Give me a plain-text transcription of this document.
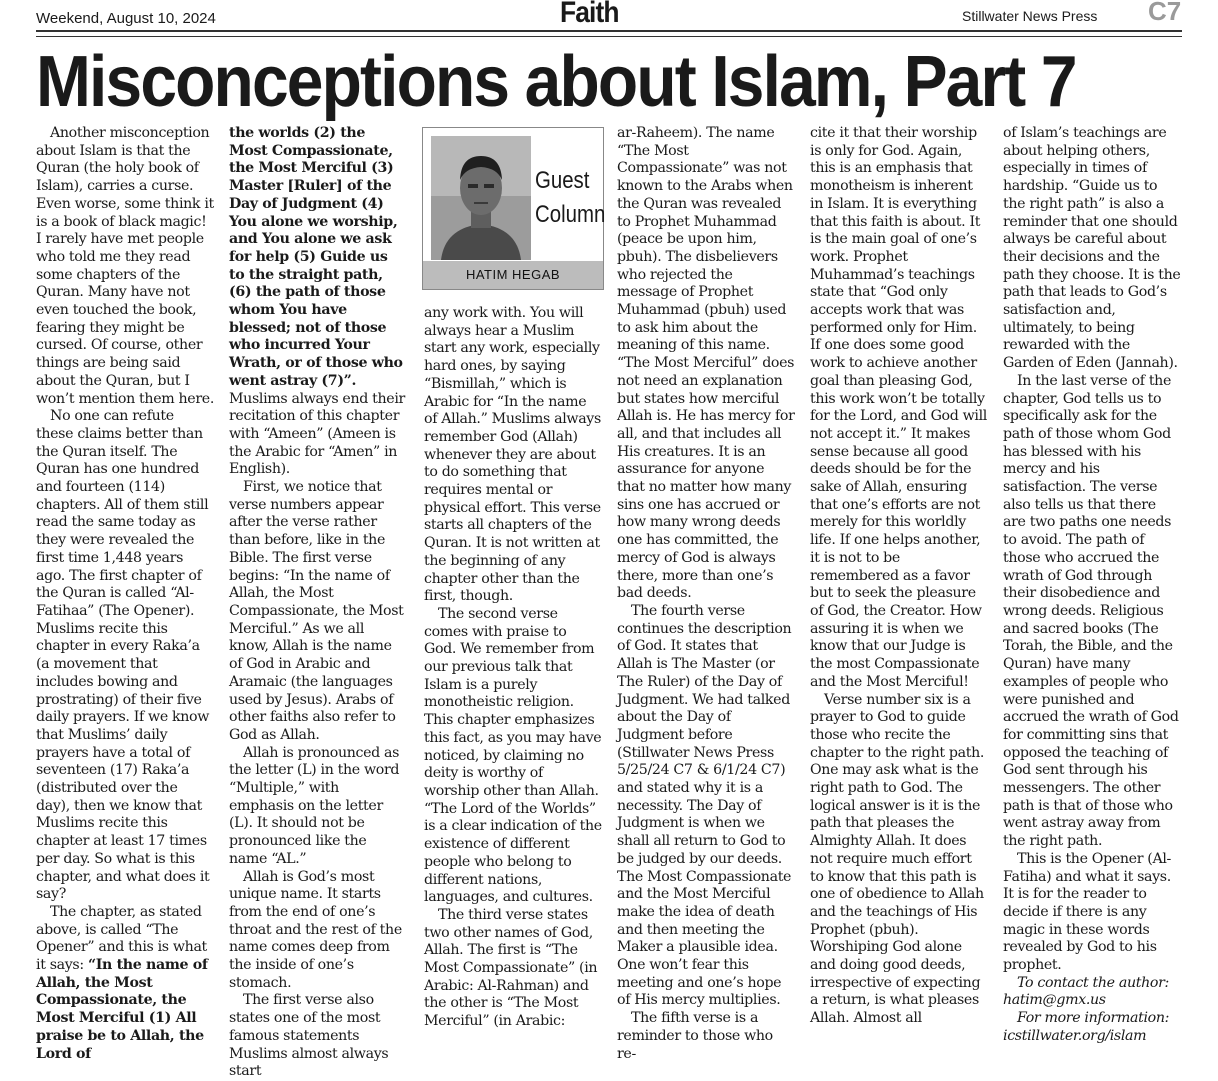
Weekend, August 10, 2024	Faith	Stillwater News Press C7
Misconceptions about Islam, Part 7

Another misconception about Islam is that the Quran (the holy book of Islam), carries a curse. Even worse, some think it is a book of black magic! I rarely have met people who told me they read some chapters of the Quran. Many have not even touched the book, fearing they might be cursed. Of course, other things are being said about the Quran, but I won’t mention them here.

No one can refute these claims better than the Quran itself. The Quran has one hundred and fourteen (114) chapters. All of them still read the same today as they were revealed the first time 1,448 years ago. The first chapter of the Quran is called “Al-Fatihaa” (The Opener). Muslims recite this chapter in every Raka’a (a movement that includes bowing and prostrating) of their five daily prayers. If we know that Muslims’ daily prayers have a total of seventeen (17) Raka’a (distributed over the day), then we know that Muslims recite this chapter at least 17 times per day. So what is this chapter, and what does it say?

The chapter, as stated above, is called “The Opener” and this is what it says: “In the name of Allah, the Most Compassionate, the Most Merciful (1) All praise be to Allah, the Lord of

the worlds (2) the Most Compassionate, the Most Merciful (3) Master [Ruler] of the Day of Judgment (4) You alone we worship, and You alone we ask for help (5) Guide us to the straight path, (6) the path of those whom You have blessed; not of those who incurred Your Wrath, or of those who went astray (7)”. Muslims always end their recitation of this chapter with “Ameen” (Ameen is the Arabic for “Amen” in English).

First, we notice that verse numbers appear after the verse rather than before, like in the Bible. The first verse begins: “In the name of Allah, the Most Compassionate, the Most Merciful.” As we all know, Allah is the name of God in Arabic and Aramaic (the languages used by Jesus). Arabs of other faiths also refer to God as Allah.

Allah is pronounced as the letter (L) in the word “Multiple,” with emphasis on the letter (L). It should not be pronounced like the name “AL.”

Allah is God’s most unique name. It starts from the end of one’s throat and the rest of the name comes deep from the inside of one’s stomach.

The first verse also states one of the most famous statements Muslims almost always start

Guest
Column
HATIM HEGAB

any work with. You will always hear a Muslim start any work, especially hard ones, by saying “Bismillah,” which is Arabic for “In the name of Allah.” Muslims always remember God (Allah) whenever they are about to do something that requires mental or physical effort. This verse starts all chapters of the Quran. It is not written at the beginning of any chapter other than the first, though.

The second verse comes with praise to God. We remember from our previous talk that Islam is a purely monotheistic religion. This chapter emphasizes this fact, as you may have noticed, by claiming no deity is worthy of worship other than Allah. “The Lord of the Worlds” is a clear indication of the existence of different people who belong to different nations, languages, and cultures.

The third verse states two other names of God, Allah. The first is “The Most Compassionate” (in Arabic: Al-Rahman) and the other is “The Most Merciful” (in Arabic:

ar-Raheem). The name “The Most Compassionate” was not known to the Arabs when the Quran was revealed to Prophet Muhammad (peace be upon him, pbuh). The disbelievers who rejected the message of Prophet Muhammad (pbuh) used to ask him about the meaning of this name. “The Most Merciful” does not need an explanation but states how merciful Allah is. He has mercy for all, and that includes all His creatures. It is an assurance for anyone that no matter how many sins one has accrued or how many wrong deeds one has committed, the mercy of God is always there, more than one’s bad deeds.

The fourth verse continues the description of God. It states that Allah is The Master (or The Ruler) of the Day of Judgment. We had talked about the Day of Judgment before (Stillwater News Press 5/25/24 C7 & 6/1/24 C7) and stated why it is a necessity. The Day of Judgment is when we shall all return to God to be judged by our deeds. The Most Compassionate and the Most Merciful make the idea of death and then meeting the Maker a plausible idea. One won’t fear this meeting and one’s hope of His mercy multiplies.

The fifth verse is a reminder to those who re-

cite it that their worship is only for God. Again, this is an emphasis that monotheism is inherent in Islam. It is everything that this faith is about. It is the main goal of one’s work. Prophet Muhammad’s teachings state that “God only accepts work that was performed only for Him. If one does some good work to achieve another goal than pleasing God, this work won’t be totally for the Lord, and God will not accept it.” It makes sense because all good deeds should be for the sake of Allah, ensuring that one’s efforts are not merely for this worldly life. If one helps another, it is not to be remembered as a favor but to seek the pleasure of God, the Creator. How assuring it is when we know that our Judge is the most Compassionate and the Most Merciful!

Verse number six is a prayer to God to guide those who recite the chapter to the right path. One may ask what is the right path to God. The logical answer is it is the path that pleases the Almighty Allah. It does not require much effort to know that this path is one of obedience to Allah and the teachings of His Prophet (pbuh). Worshiping God alone and doing good deeds, irrespective of expecting a return, is what pleases Allah. Almost all

of Islam’s teachings are about helping others, especially in times of hardship. “Guide us to the right path” is also a reminder that one should always be careful about their decisions and the path they choose. It is the path that leads to God’s satisfaction and, ultimately, to being rewarded with the Garden of Eden (Jannah).

In the last verse of the chapter, God tells us to specifically ask for the path of those whom God has blessed with his mercy and his satisfaction. The verse also tells us that there are two paths one needs to avoid. The path of those who accrued the wrath of God through their disobedience and wrong deeds. Religious and sacred books (The Torah, the Bible, and the Quran) have many examples of people who were punished and accrued the wrath of God for committing sins that opposed the teaching of God sent through his messengers. The other path is that of those who went astray away from the right path.

This is the Opener (Al-Fatiha) and what it says. It is for the reader to decide if there is any magic in these words revealed by God to his prophet.

To contact the author:

hatim@gmx.us

For more information:

icstillwater.org/islam
